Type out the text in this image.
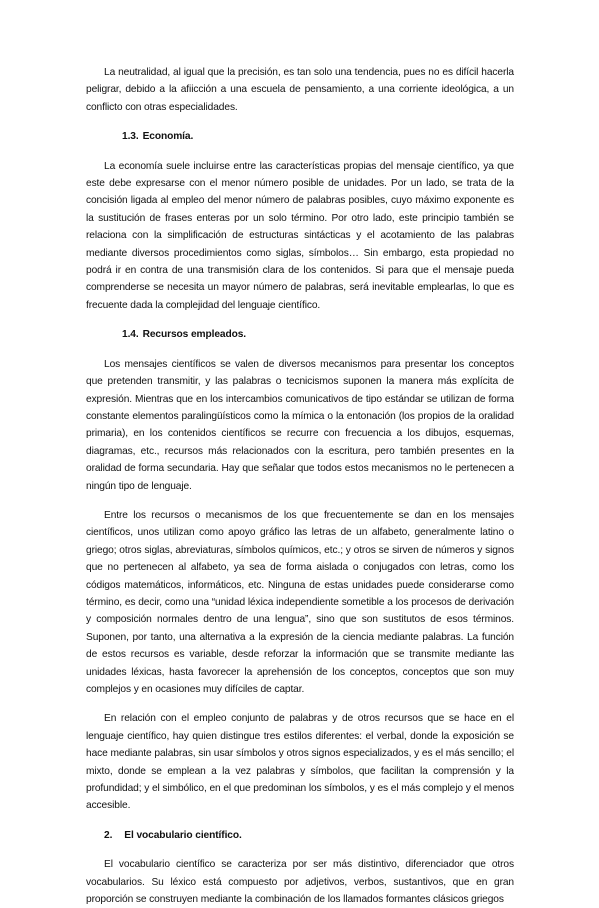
La neutralidad, al igual que la precisión, es tan solo una tendencia, pues no es difícil hacerla peligrar, debido a la afiicción a una escuela de pensamiento, a una corriente ideológica, a un conflicto con otras especialidades.

1.3. Economía.

La economía suele incluirse entre las características propias del mensaje científico, ya que este debe expresarse con el menor número posible de unidades. Por un lado, se trata de la concisión ligada al empleo del menor número de palabras posibles, cuyo máximo exponente es la sustitución de frases enteras por un solo término. Por otro lado, este principio también se relaciona con la simplificación de estructuras sintácticas y el acotamiento de las palabras mediante diversos procedimientos como siglas, símbolos… Sin embargo, esta propiedad no podrá ir en contra de una transmisión clara de los contenidos. Si para que el mensaje pueda comprenderse se necesita un mayor número de palabras, será inevitable emplearlas, lo que es frecuente dada la complejidad del lenguaje científico.

1.4. Recursos empleados.

Los mensajes científicos se valen de diversos mecanismos para presentar los conceptos que pretenden transmitir, y las palabras o tecnicismos suponen la manera más explícita de expresión. Mientras que en los intercambios comunicativos de tipo estándar se utilizan de forma constante elementos paralingüísticos como la mímica o la entonación (los propios de la oralidad primaria), en los contenidos científicos se recurre con frecuencia a los dibujos, esquemas, diagramas, etc., recursos más relacionados con la escritura, pero también presentes en la oralidad de forma secundaria. Hay que señalar que todos estos mecanismos no le pertenecen a ningún tipo de lenguaje.

Entre los recursos o mecanismos de los que frecuentemente se dan en los mensajes científicos, unos utilizan como apoyo gráfico las letras de un alfabeto, generalmente latino o griego; otros siglas, abreviaturas, símbolos químicos, etc.; y otros se sirven de números y signos que no pertenecen al alfabeto, ya sea de forma aislada o conjugados con letras, como los códigos matemáticos, informáticos, etc. Ninguna de estas unidades puede considerarse como término, es decir, como una “unidad léxica independiente sometible a los procesos de derivación y composición normales dentro de una lengua”, sino que son sustitutos de esos términos. Suponen, por tanto, una alternativa a la expresión de la ciencia mediante palabras. La función de estos recursos es variable, desde reforzar la información que se transmite mediante las unidades léxicas, hasta favorecer la aprehensión de los conceptos, conceptos que son muy complejos y en ocasiones muy difíciles de captar.

En relación con el empleo conjunto de palabras y de otros recursos que se hace en el lenguaje científico, hay quien distingue tres estilos diferentes: el verbal, donde la exposición se hace mediante palabras, sin usar símbolos y otros signos especializados, y es el más sencillo; el mixto, donde se emplean a la vez palabras y símbolos, que facilitan la comprensión y la profundidad; y el simbólico, en el que predominan los símbolos, y es el más complejo y el menos accesible.

2. El vocabulario científico.

El vocabulario científico se caracteriza por ser más distintivo, diferenciador que otros vocabularios. Su léxico está compuesto por adjetivos, verbos, sustantivos, que en gran proporción se construyen mediante la combinación de los llamados formantes clásicos griegos
